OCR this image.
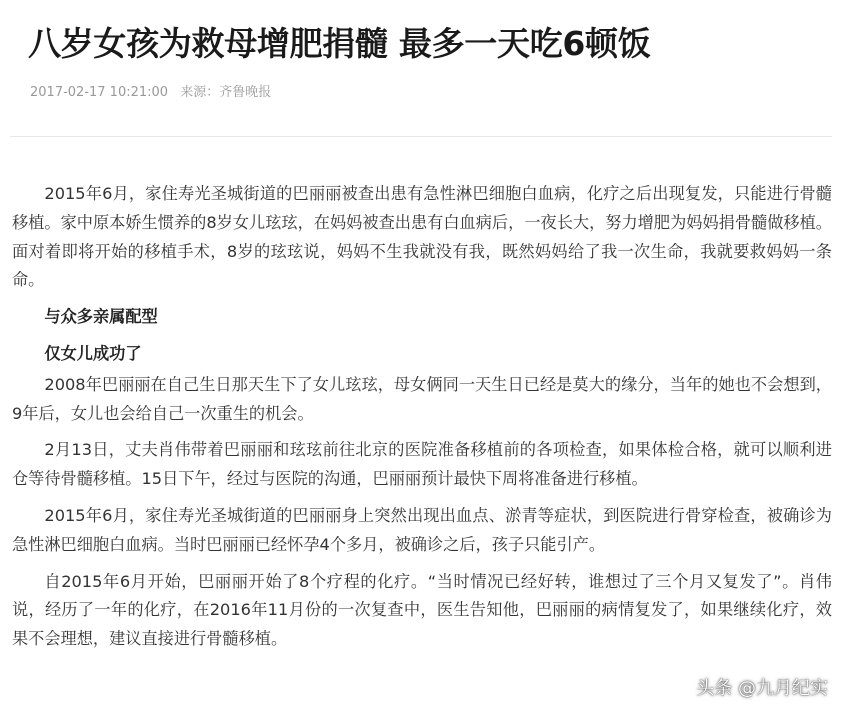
八岁女孩为救母增肥捐髓 最多一天吃6顿饭
2017-02-17 10:21:00 来源：齐鲁晚报

2015年6月，家住寿光圣城街道的巴丽丽被查出患有急性淋巴细胞白血病，化疗之后出现复发，只能进行骨髓移植。家中原本娇生惯养的8岁女儿玹玹，在妈妈被查出患有白血病后，一夜长大，努力增肥为妈妈捐骨髓做移植。面对着即将开始的移植手术，8岁的玹玹说，妈妈不生我就没有我，既然妈妈给了我一次生命，我就要救妈妈一条命。

与众多亲属配型

仅女儿成功了

2008年巴丽丽在自己生日那天生下了女儿玹玹，母女俩同一天生日已经是莫大的缘分，当年的她也不会想到，9年后，女儿也会给自己一次重生的机会。

2月13日，丈夫肖伟带着巴丽丽和玹玹前往北京的医院准备移植前的各项检查，如果体检合格，就可以顺利进仓等待骨髓移植。15日下午，经过与医院的沟通，巴丽丽预计最快下周将准备进行移植。

2015年6月，家住寿光圣城街道的巴丽丽身上突然出现出血点、淤青等症状，到医院进行骨穿检查，被确诊为急性淋巴细胞白血病。当时巴丽丽已经怀孕4个多月，被确诊之后，孩子只能引产。

自2015年6月开始，巴丽丽开始了8个疗程的化疗。“当时情况已经好转，谁想过了三个月又复发了”。肖伟说，经历了一年的化疗，在2016年11月份的一次复查中，医生告知他，巴丽丽的病情复发了，如果继续化疗，效果不会理想，建议直接进行骨髓移植。

头条 @九月纪实
